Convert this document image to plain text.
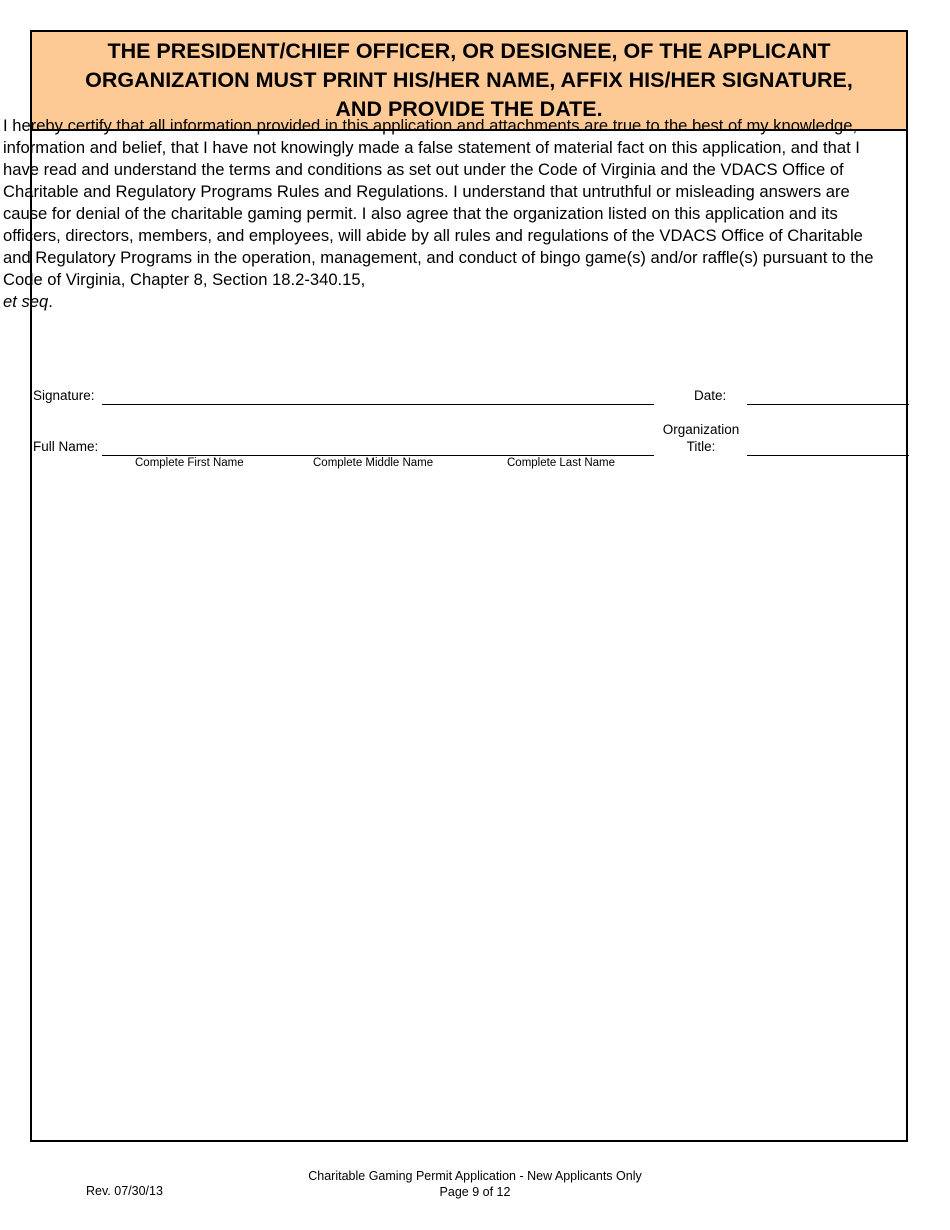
THE PRESIDENT/CHIEF OFFICER, OR DESIGNEE, OF THE APPLICANT
ORGANIZATION MUST PRINT HIS/HER NAME, AFFIX HIS/HER SIGNATURE,
AND PROVIDE THE DATE.

I hereby certify that all information provided in this application and attachments are true to the best of my knowledge, information and belief, that I have not knowingly made a false statement of material fact on this application, and that I have read and understand the terms and conditions as set out under the Code of Virginia and the VDACS Office of Charitable and Regulatory Programs Rules and Regulations. I understand that untruthful or misleading answers are cause for denial of the charitable gaming permit. I also agree that the organization listed on this application and its officers, directors, members, and employees, will abide by all rules and regulations of the VDACS Office of Charitable and Regulatory Programs in the operation, management, and conduct of bingo game(s) and/or raffle(s) pursuant to the Code of Virginia, Chapter 8, Section 18.2-340.15,
et seq.

Signature:	Date:
Full Name:
Organization
Title:
Complete First Name	Complete Middle Name	Complete Last Name
Rev. 07/30/13
Charitable Gaming Permit Application - New Applicants Only
Page 9 of 12
